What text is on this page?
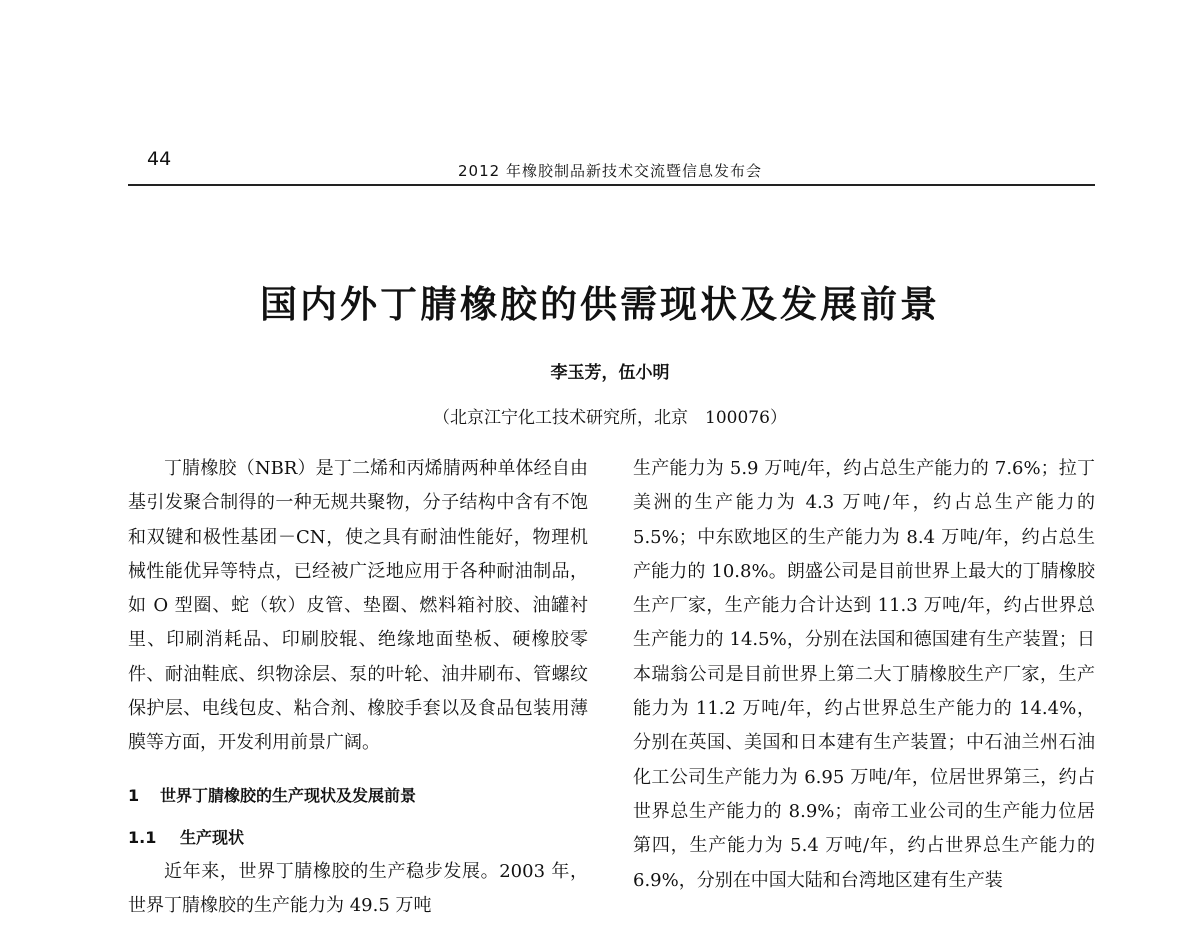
44
2012 年橡胶制品新技术交流暨信息发布会
国内外丁腈橡胶的供需现状及发展前景
李玉芳，伍小明
（北京江宁化工技术研究所，北京　100076）

丁腈橡胶（NBR）是丁二烯和丙烯腈两种单体经自由基引发聚合制得的一种无规共聚物，分子结构中含有不饱和双键和极性基团－CN，使之具有耐油性能好，物理机械性能优异等特点，已经被广泛地应用于各种耐油制品，如 O 型圈、蛇（软）皮管、垫圈、燃料箱衬胶、油罐衬里、印刷消耗品、印刷胶辊、绝缘地面垫板、硬橡胶零件、耐油鞋底、织物涂层、泵的叶轮、油井刷布、管螺纹保护层、电线包皮、粘合剂、橡胶手套以及食品包装用薄膜等方面，开发利用前景广阔。

1 世界丁腈橡胶的生产现状及发展前景
1.1 生产现状

近年来，世界丁腈橡胶的生产稳步发展。2003 年，世界丁腈橡胶的生产能力为 49.5 万吨

生产能力为 5.9 万吨/年，约占总生产能力的 7.6%；拉丁美洲的生产能力为 4.3 万吨/年，约占总生产能力的 5.5%；中东欧地区的生产能力为 8.4 万吨/年，约占总生产能力的 10.8%。朗盛公司是目前世界上最大的丁腈橡胶生产厂家，生产能力合计达到 11.3 万吨/年，约占世界总生产能力的 14.5%，分别在法国和德国建有生产装置；日本瑞翁公司是目前世界上第二大丁腈橡胶生产厂家，生产能力为 11.2 万吨/年，约占世界总生产能力的 14.4%，分别在英国、美国和日本建有生产装置；中石油兰州石油化工公司生产能力为 6.95 万吨/年，位居世界第三，约占世界总生产能力的 8.9%；南帝工业公司的生产能力位居第四，生产能力为 5.4 万吨/年，约占世界总生产能力的 6.9%，分别在中国大陆和台湾地区建有生产装
